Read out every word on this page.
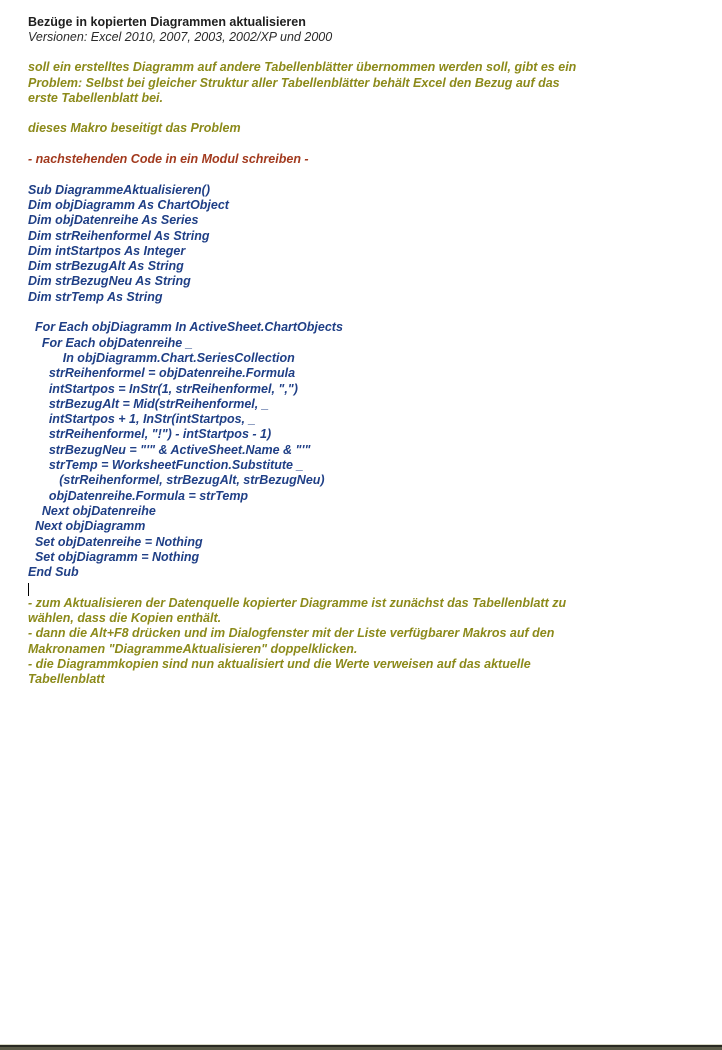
Bezüge in kopierten Diagrammen aktualisieren

Versionen: Excel 2010, 2007, 2003, 2002/XP und 2000

soll ein erstelltes Diagramm auf andere Tabellenblätter übernommen werden soll, gibt es ein

Problem: Selbst bei gleicher Struktur aller Tabellenblätter behält Excel den Bezug auf das

erste Tabellenblatt bei.

dieses Makro beseitigt das Problem

- nachstehenden Code in ein Modul schreiben -

Sub DiagrammeAktualisieren()

Dim objDiagramm As ChartObject

Dim objDatenreihe As Series

Dim strReihenformel As String

Dim intStartpos As Integer

Dim strBezugAlt As String

Dim strBezugNeu As String

Dim strTemp As String

For Each objDiagramm In ActiveSheet.ChartObjects

For Each objDatenreihe _

In objDiagramm.Chart.SeriesCollection

strReihenformel = objDatenreihe.Formula

intStartpos = InStr(1, strReihenformel, ",")

strBezugAlt = Mid(strReihenformel, _

intStartpos + 1, InStr(intStartpos, _

strReihenformel, "!") - intStartpos - 1)

strBezugNeu = "'" & ActiveSheet.Name & "'"

strTemp = WorksheetFunction.Substitute _

(strReihenformel, strBezugAlt, strBezugNeu)

objDatenreihe.Formula = strTemp

Next objDatenreihe

Next objDiagramm

Set objDatenreihe = Nothing

Set objDiagramm = Nothing

End Sub

- zum Aktualisieren der Datenquelle kopierter Diagramme ist zunächst das Tabellenblatt zu

wählen, dass die Kopien enthält.

- dann die Alt+F8 drücken und im Dialogfenster mit der Liste verfügbarer Makros auf den

Makronamen "DiagrammeAktualisieren" doppelklicken.

- die Diagrammkopien sind nun aktualisiert und die Werte verweisen auf das aktuelle

Tabellenblatt
